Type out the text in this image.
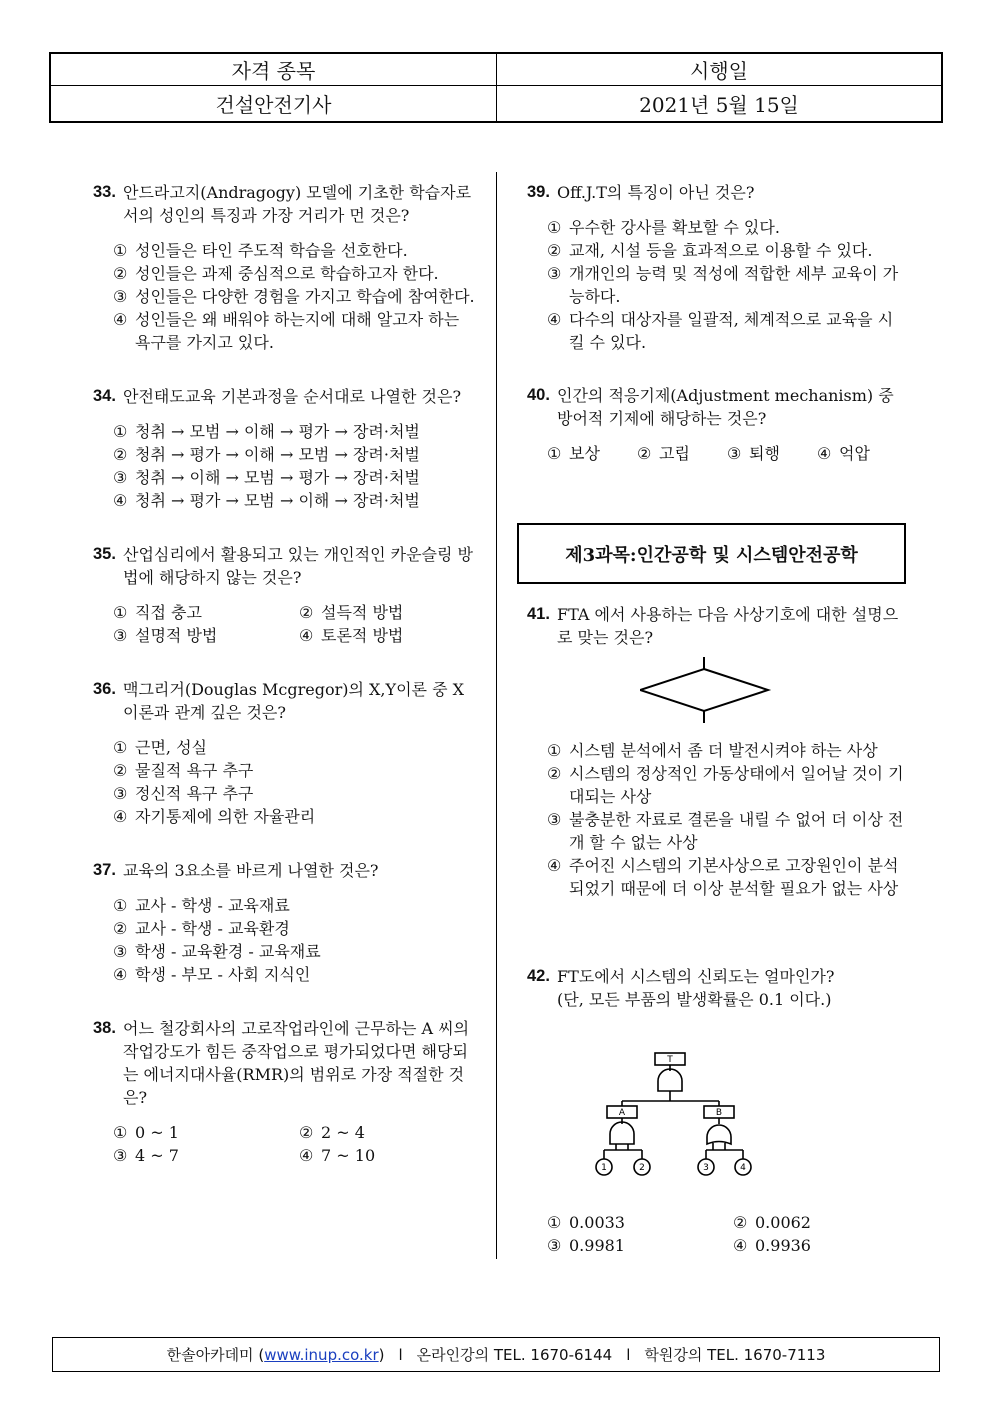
자격 종목	시행일
건설안전기사	2021년 5월 15일
33. 안드라고지(Andragogy) 모델에 기초한 학습자로서의 성인의 특징과 가장 거리가 먼 것은?
① 성인들은 타인 주도적 학습을 선호한다.
② 성인들은 과제 중심적으로 학습하고자 한다.
③ 성인들은 다양한 경험을 가지고 학습에 참여한다.
④ 성인들은 왜 배워야 하는지에 대해 알고자 하는 욕구를 가지고 있다.
34. 안전태도교육 기본과정을 순서대로 나열한 것은?
① 청취 → 모범 → 이해 → 평가 → 장려·처벌
② 청취 → 평가 → 이해 → 모범 → 장려·처벌
③ 청취 → 이해 → 모범 → 평가 → 장려·처벌
④ 청취 → 평가 → 모범 → 이해 → 장려·처벌
35. 산업심리에서 활용되고 있는 개인적인 카운슬링 방법에 해당하지 않는 것은?
① 직접 충고	② 설득적 방법
③ 설명적 방법	④ 토론적 방법
36. 맥그리거(Douglas Mcgregor)의 X,Y이론 중 X이론과 관계 깊은 것은?
① 근면, 성실
② 물질적 욕구 추구
③ 정신적 욕구 추구
④ 자기통제에 의한 자율관리
37. 교육의 3요소를 바르게 나열한 것은?
① 교사 - 학생 - 교육재료
② 교사 - 학생 - 교육환경
③ 학생 - 교육환경 - 교육재료
④ 학생 - 부모 - 사회 지식인
38. 어느 철강회사의 고로작업라인에 근무하는 A 씨의 작업강도가 힘든 중작업으로 평가되었다면 해당되는 에너지대사율(RMR)의 범위로 가장 적절한 것은?
① 0 ~ 1	② 2 ~ 4
③ 4 ~ 7	④ 7 ~ 10
39. Off.J.T의 특징이 아닌 것은?
① 우수한 강사를 확보할 수 있다.
② 교재, 시설 등을 효과적으로 이용할 수 있다.
③ 개개인의 능력 및 적성에 적합한 세부 교육이 가능하다.
④ 다수의 대상자를 일괄적, 체계적으로 교육을 시킬 수 있다.
40. 인간의 적응기제(Adjustment mechanism) 중 방어적 기제에 해당하는 것은?
① 보상	② 고립	③ 퇴행	④ 억압
제3과목:인간공학 및 시스템안전공학
41. FTA 에서 사용하는 다음 사상기호에 대한 설명으로 맞는 것은?
① 시스템 분석에서 좀 더 발전시켜야 하는 사상
② 시스템의 정상적인 가동상태에서 일어날 것이 기대되는 사상
③ 불충분한 자료로 결론을 내릴 수 없어 더 이상 전개 할 수 없는 사상
④ 주어진 시스템의 기본사상으로 고장원인이 분석되었기 때문에 더 이상 분석할 필요가 없는 사상
42. FT도에서 시스템의 신뢰도는 얼마인가?
(단, 모든 부품의 발생확률은 0.1 이다.)
T
A	B
1	2	3	4
① 0.0033	② 0.0062
③ 0.9981	④ 0.9936
한솔아카데미 ( www.inup.co.kr ) l 온라인강의 TEL. 1670-6144 l 학원강의 TEL. 1670-7113
